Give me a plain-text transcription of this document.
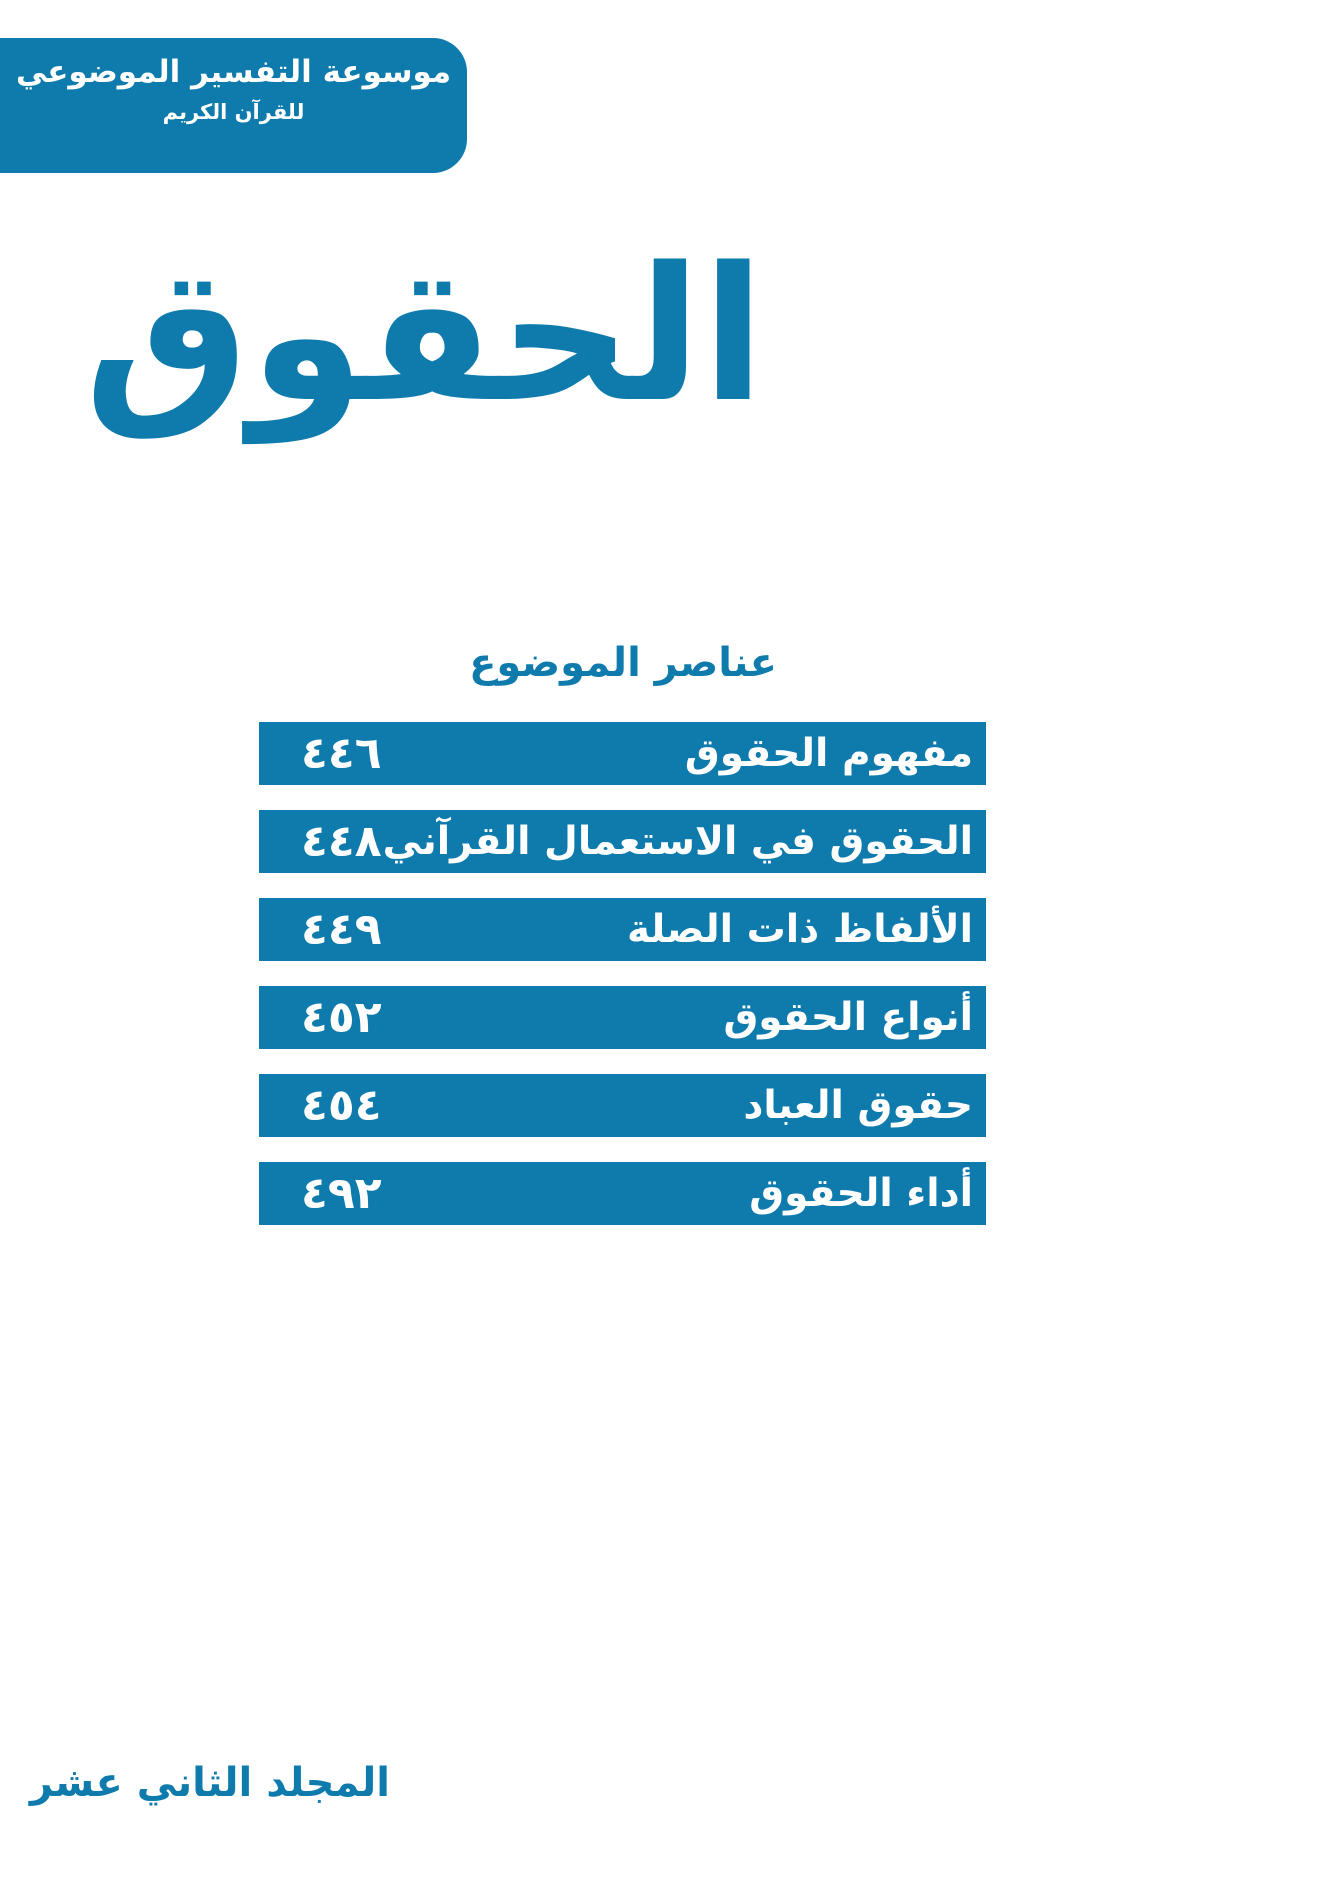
موسوعة التفسير الموضوعي
للقرآن الكريم
الحقوق
عناصر الموضوع
٤٤٦	مفهوم الحقوق
٤٤٨ الحقوق في الاستعمال القرآني
٤٤٩	الألفاظ ذات الصلة
٤٥٢	أنواع الحقوق
٤٥٤	حقوق العباد
٤٩٢	أداء الحقوق
المجلد الثاني عشر
